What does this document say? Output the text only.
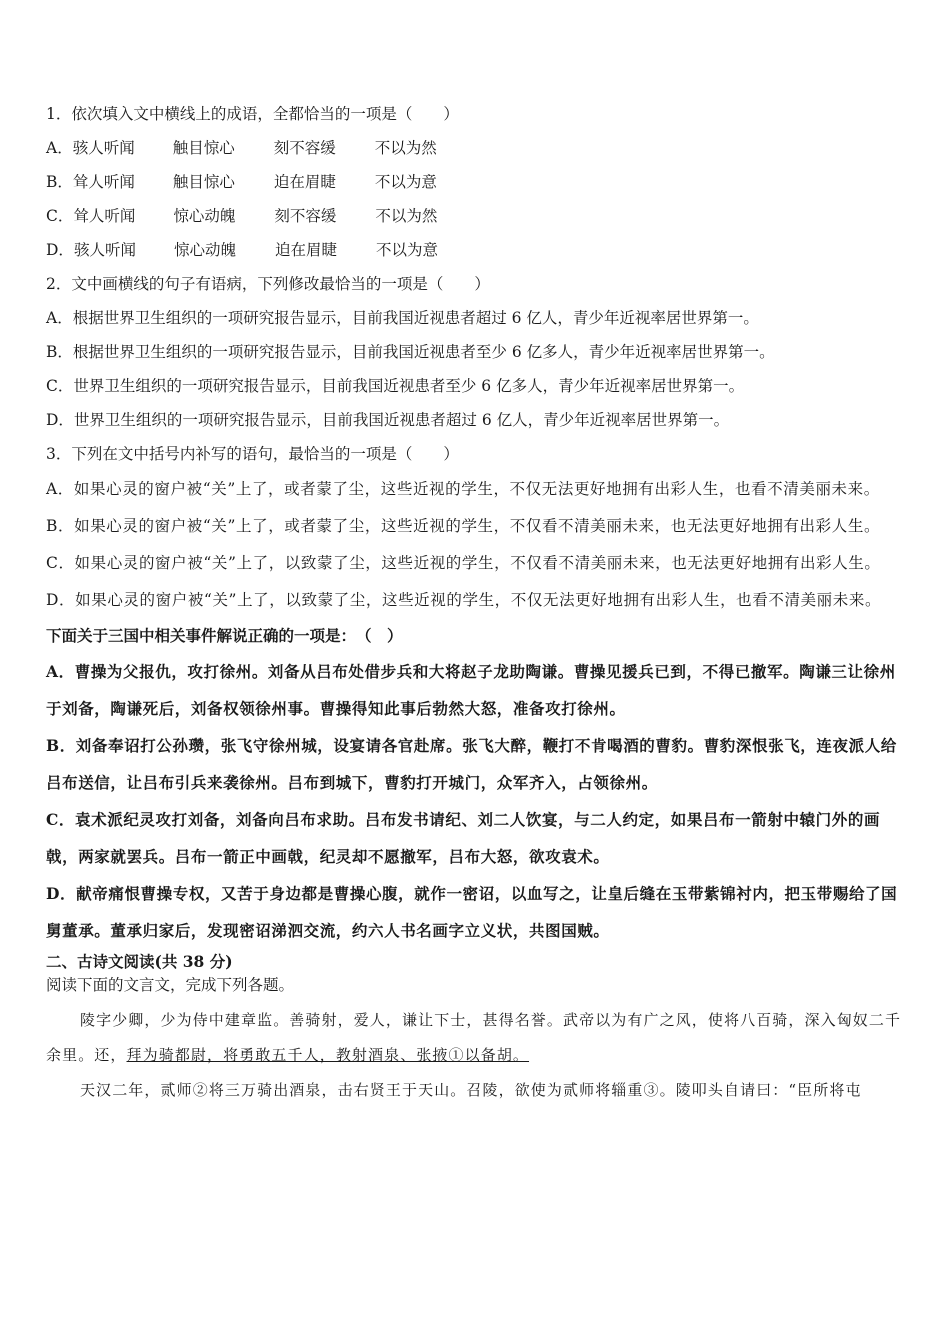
1．依次填入文中横线上的成语，全都恰当的一项是（　　）
A．骇人听闻 触目惊心	刻不容缓	不以为然
B．耸人听闻 触目惊心	迫在眉睫	不以为意
C．耸人听闻 惊心动魄	刻不容缓	不以为然
D．骇人听闻 惊心动魄	迫在眉睫	不以为意
2．文中画横线的句子有语病，下列修改最恰当的一项是（　　）
A．根据世界卫生组织的一项研究报告显示，目前我国近视患者超过 6 亿人，青少年近视率居世界第一。
B．根据世界卫生组织的一项研究报告显示，目前我国近视患者至少 6 亿多人，青少年近视率居世界第一。
C．世界卫生组织的一项研究报告显示，目前我国近视患者至少 6 亿多人，青少年近视率居世界第一。
D．世界卫生组织的一项研究报告显示，目前我国近视患者超过 6 亿人，青少年近视率居世界第一。
3．下列在文中括号内补写的语句，最恰当的一项是（　　）
A．如果心灵的窗户被“关”上了，或者蒙了尘，这些近视的学生，不仅无法更好地拥有出彩人生，也看不清美丽未来。
B．如果心灵的窗户被“关”上了，或者蒙了尘，这些近视的学生，不仅看不清美丽未来，也无法更好地拥有出彩人生。
C．如果心灵的窗户被“关”上了，以致蒙了尘，这些近视的学生，不仅看不清美丽未来，也无法更好地拥有出彩人生。
D．如果心灵的窗户被“关”上了，以致蒙了尘，这些近视的学生，不仅无法更好地拥有出彩人生，也看不清美丽未来。
下面关于三国中相关事件解说正确的一项是：　（　）
A．曹操为父报仇，攻打徐州。刘备从吕布处借步兵和大将赵子龙助陶谦。曹操见援兵已到，不得已撤军。陶谦三让徐州于刘备，陶谦死后，刘备权领徐州事。曹操得知此事后勃然大怒，准备攻打徐州。
B．刘备奉诏打公孙瓒，张飞守徐州城，设宴请各官赴席。张飞大醉，鞭打不肯喝酒的曹豹。曹豹深恨张飞，连夜派人给吕布送信，让吕布引兵来袭徐州。吕布到城下，曹豹打开城门，众军齐入，占领徐州。
C．袁术派纪灵攻打刘备，刘备向吕布求助。吕布发书请纪、刘二人饮宴，与二人约定，如果吕布一箭射中辕门外的画戟，两家就罢兵。吕布一箭正中画戟，纪灵却不愿撤军，吕布大怒，欲攻袁术。
D．献帝痛恨曹操专权，又苦于身边都是曹操心腹，就作一密诏，以血写之，让皇后缝在玉带紫锦衬内，把玉带赐给了国舅董承。董承归家后，发现密诏涕泗交流，约六人书名画字立义状，共图国贼。
二、古诗文阅读(共 38 分)
阅读下面的文言文，完成下列各题。
陵字少卿，少为侍中建章监。善骑射，爱人，谦让下士，甚得名誉。武帝以为有广之风，使将八百骑，深入匈奴二千余里。还，拜为骑都尉，将勇敢五千人，教射酒泉、张掖①以备胡。
天汉二年，贰师②将三万骑出酒泉，击右贤王于天山。召陵，欲使为贰师将辎重③。陵叩头自请曰：“臣所将屯
